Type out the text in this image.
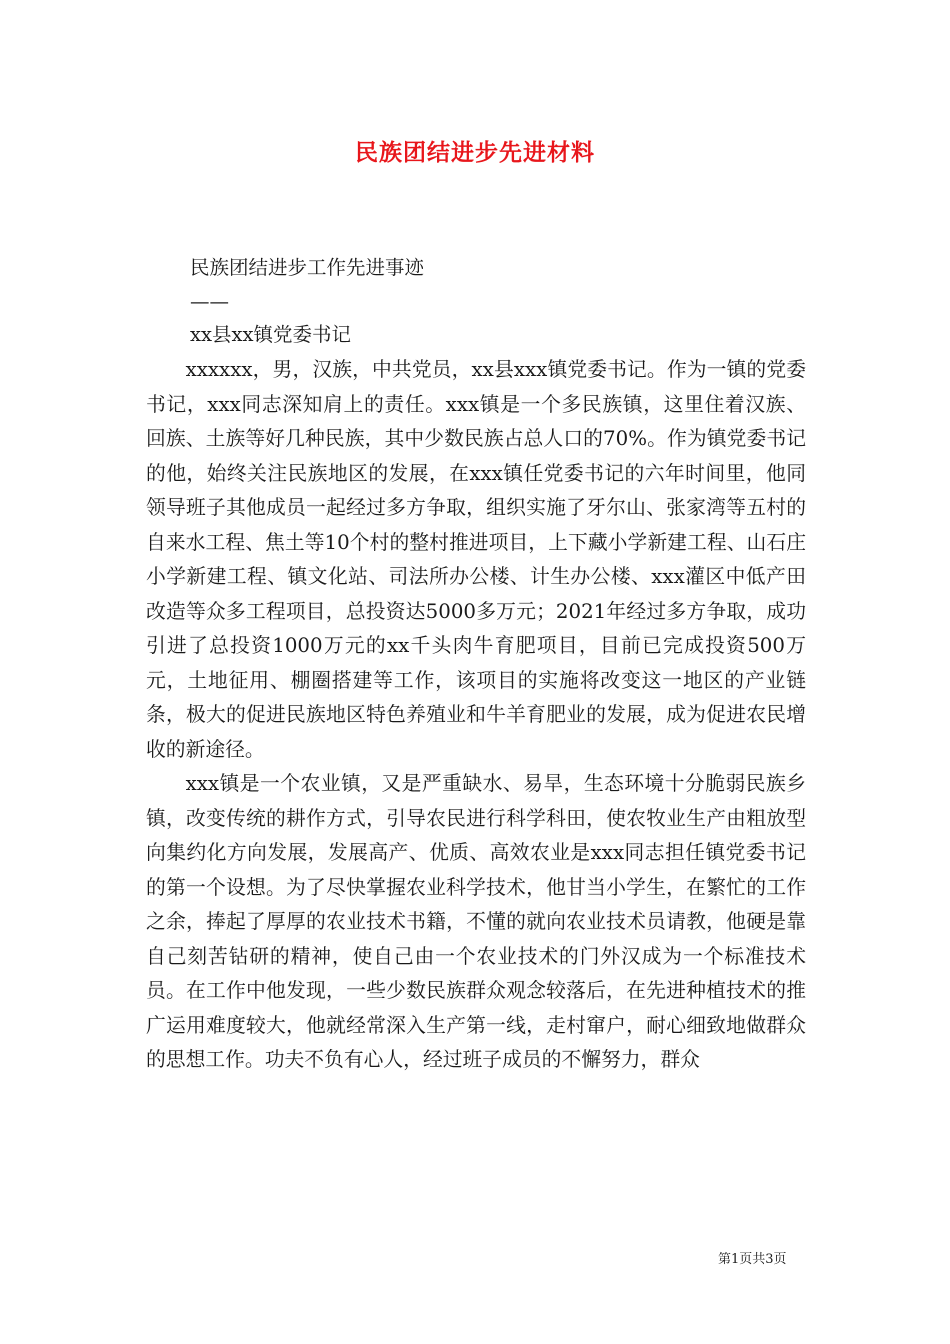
民族团结进步先进材料
民族团结进步工作先进事迹
——
xx县xx镇党委书记

xxxxxx，男，汉族，中共党员，xx县xxx镇党委书记。作为一镇的党委书记，xxx同志深知肩上的责任。xxx镇是一个多民族镇，这里住着汉族、回族、土族等好几种民族，其中少数民族占总人口的70%。作为镇党委书记的他，始终关注民族地区的发展，在xxx镇任党委书记的六年时间里，他同领导班子其他成员一起经过多方争取，组织实施了牙尔山、张家湾等五村的自来水工程、焦土等10个村的整村推进项目，上下藏小学新建工程、山石庄小学新建工程、镇文化站、司法所办公楼、计生办公楼、xxx灌区中低产田改造等众多工程项目，总投资达5000多万元；2021年经过多方争取，成功引进了总投资1000万元的xx千头肉牛育肥项目，目前已完成投资500万元，土地征用、棚圈搭建等工作，该项目的实施将改变这一地区的产业链条，极大的促进民族地区特色养殖业和牛羊育肥业的发展，成为促进农民增收的新途径。

xxx镇是一个农业镇，又是严重缺水、易旱，生态环境十分脆弱民族乡镇，改变传统的耕作方式，引导农民进行科学科田，使农牧业生产由粗放型向集约化方向发展，发展高产、优质、高效农业是xxx同志担任镇党委书记的第一个设想。为了尽快掌握农业科学技术，他甘当小学生，在繁忙的工作之余，捧起了厚厚的农业技术书籍，不懂的就向农业技术员请教，他硬是靠自己刻苦钻研的精神，使自己由一个农业技术的门外汉成为一个标准技术员。在工作中他发现，一些少数民族群众观念较落后，在先进种植技术的推广运用难度较大，他就经常深入生产第一线，走村窜户，耐心细致地做群众的思想工作。功夫不负有心人，经过班子成员的不懈努力，群众

第1页共3页
